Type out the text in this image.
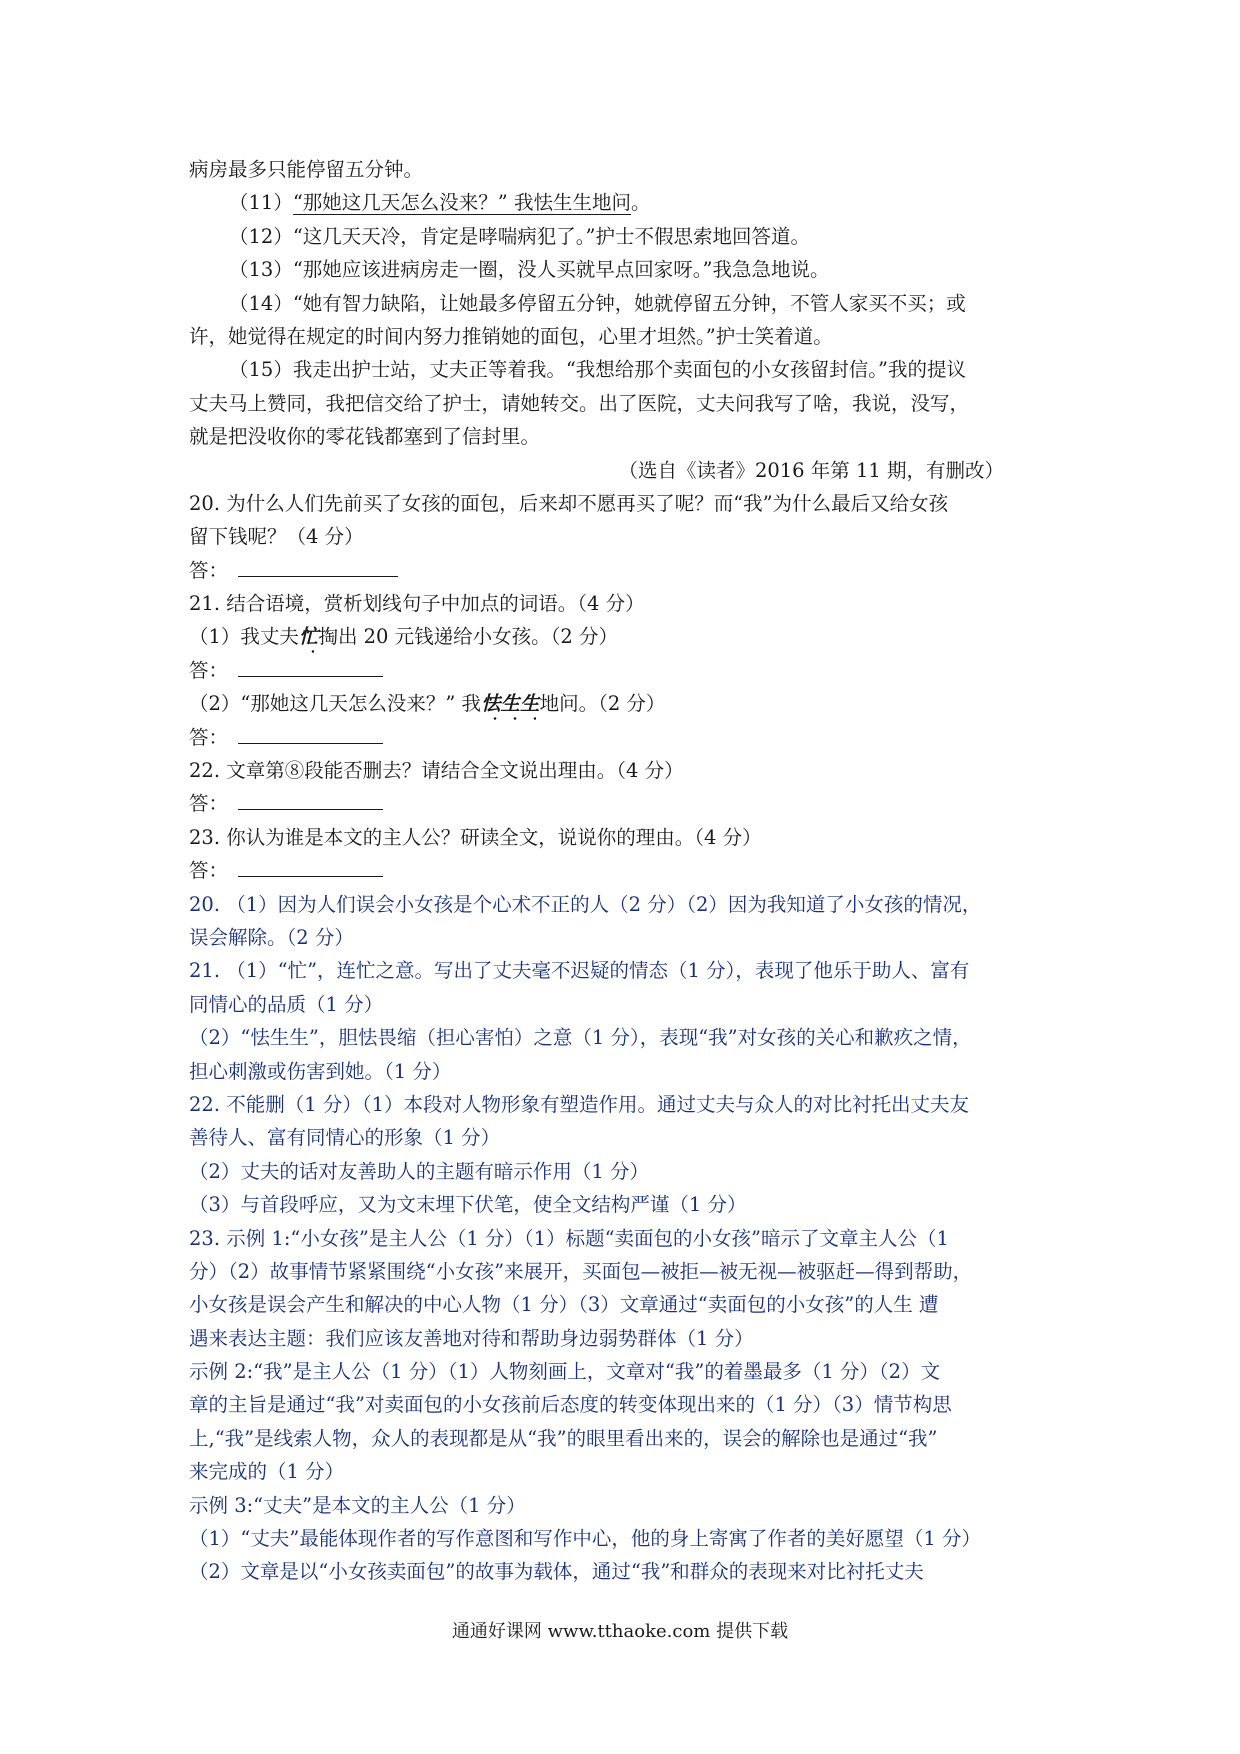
病房最多只能停留五分钟。
（11）“那她这几天怎么没来？” 我怯生生地问。
（12）“这几天天冷，肯定是哮喘病犯了。”护士不假思索地回答道。
（13）“那她应该进病房走一圈，没人买就早点回家呀。”我急急地说。
（14）“她有智力缺陷，让她最多停留五分钟，她就停留五分钟，不管人家买不买；或
许，她觉得在规定的时间内努力推销她的面包，心里才坦然。”护士笑着道。
（15）我走出护士站，丈夫正等着我。“我想给那个卖面包的小女孩留封信。”我的提议
丈夫马上赞同，我把信交给了护士，请她转交。出了医院，丈夫问我写了啥，我说，没写，
就是把没收你的零花钱都塞到了信封里。
（选自《读者》2016 年第 11 期，有删改）
20. 为什么人们先前买了女孩的面包，后来却不愿再买了呢？而“我”为什么最后又给女孩
留下钱呢？（4 分）
答：
21. 结合语境，赏析划线句子中加点的词语。（4 分）
（1）我丈夫忙掏出 20 元钱递给小女孩。（2 分）
答：
（2）“那她这几天怎么没来？” 我怯生生地问。（2 分）
答：
22. 文章第⑧段能否删去？请结合全文说出理由。（4 分）
答：
23. 你认为谁是本文的主人公？研读全文，说说你的理由。（4 分）
答：
20. （1）因为人们误会小女孩是个心术不正的人（2 分）（2）因为我知道了小女孩的情况，
误会解除。（2 分）
21. （1）“忙”，连忙之意。写出了丈夫毫不迟疑的情态（1 分），表现了他乐于助人、富有
同情心的品质（1 分）
（2）“怯生生”，胆怯畏缩（担心害怕）之意（1 分），表现“我”对女孩的关心和歉疚之情，
担心刺激或伤害到她。（1 分）
22. 不能删（1 分）（1）本段对人物形象有塑造作用。通过丈夫与众人的对比衬托出丈夫友
善待人、富有同情心的形象（1 分）
（2）丈夫的话对友善助人的主题有暗示作用（1 分）
（3）与首段呼应，又为文末埋下伏笔，使全文结构严谨（1 分）
23. 示例 1:“小女孩”是主人公（1 分）（1）标题“卖面包的小女孩”暗示了文章主人公（1
分）（2）故事情节紧紧围绕“小女孩”来展开，买面包—被拒—被无视—被驱赶—得到帮助，
小女孩是误会产生和解决的中心人物（1 分）（3）文章通过“卖面包的小女孩”的人生 遭
遇来表达主题：我们应该友善地对待和帮助身边弱势群体（1 分）
示例 2:“我”是主人公（1 分）（1）人物刻画上，文章对“我”的着墨最多（1 分）（2）文
章的主旨是通过“我”对卖面包的小女孩前后态度的转变体现出来的（1 分）（3）情节构思
上,“我”是线索人物，众人的表现都是从“我”的眼里看出来的，误会的解除也是通过“我”
来完成的（1 分）
示例 3:“丈夫”是本文的主人公（1 分）
（1）“丈夫”最能体现作者的写作意图和写作中心，他的身上寄寓了作者的美好愿望（1 分）
（2）文章是以“小女孩卖面包”的故事为载体，通过“我”和群众的表现来对比衬托丈夫
通通好课网 www.tthaoke.com 提供下载
